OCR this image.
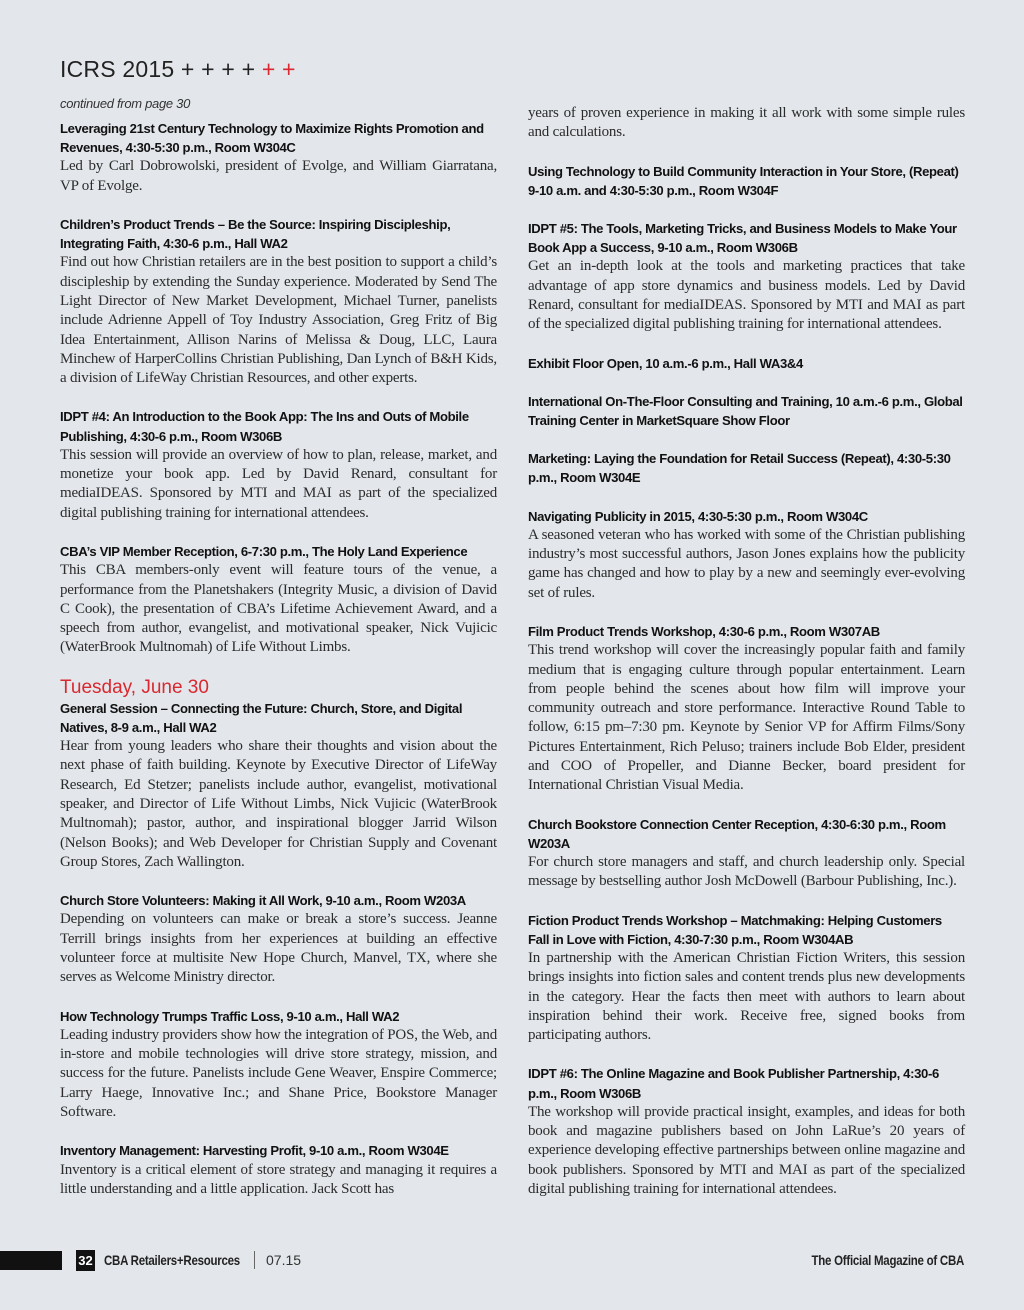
ICRS 2015 + + + + + +
continued from page 30
Leveraging 21st Century Technology to Maximize Rights Promotion and Revenues, 4:30-5:30 p.m., Room W304C
Led by Carl Dobrowolski, president of Evolge, and William Giarratana, VP of Evolge.
Children’s Product Trends – Be the Source: Inspiring Discipleship, Integrating Faith, 4:30-6 p.m., Hall WA2
Find out how Christian retailers are in the best position to support a child’s discipleship by extending the Sunday experience. Moderated by Send The Light Director of New Market Development, Michael Turner, panelists include Adrienne Appell of Toy Industry Association, Greg Fritz of Big Idea Entertainment, Allison Narins of Melissa & Doug, LLC, Laura Minchew of HarperCollins Christian Publishing, Dan Lynch of B&H Kids, a division of LifeWay Christian Resources, and other experts.
IDPT #4: An Introduction to the Book App: The Ins and Outs of Mobile Publishing, 4:30-6 p.m., Room W306B
This session will provide an overview of how to plan, release, market, and monetize your book app. Led by David Renard, consultant for mediaIDEAS. Sponsored by MTI and MAI as part of the specialized digital publishing training for international attendees.
CBA’s VIP Member Reception, 6-7:30 p.m., The Holy Land Experience
This CBA members-only event will feature tours of the venue, a performance from the Planetshakers (Integrity Music, a division of David C Cook), the presentation of CBA’s Lifetime Achievement Award, and a speech from author, evangelist, and motivational speaker, Nick Vujicic (WaterBrook Multnomah) of Life Without Limbs.
Tuesday, June 30
General Session – Connecting the Future: Church, Store, and Digital Natives, 8-9 a.m., Hall WA2
Hear from young leaders who share their thoughts and vision about the next phase of faith building. Keynote by Executive Director of LifeWay Research, Ed Stetzer; panelists include author, evangelist, motivational speaker, and Director of Life Without Limbs, Nick Vujicic (WaterBrook Multnomah); pastor, author, and inspirational blogger Jarrid Wilson (Nelson Books); and Web Developer for Christian Supply and Covenant Group Stores, Zach Wallington.
Church Store Volunteers: Making it All Work, 9-10 a.m., Room W203A
Depending on volunteers can make or break a store’s success. Jeanne Terrill brings insights from her experiences at building an effective volunteer force at multisite New Hope Church, Manvel, TX, where she serves as Welcome Ministry director.
How Technology Trumps Traffic Loss, 9-10 a.m., Hall WA2
Leading industry providers show how the integration of POS, the Web, and in-store and mobile technologies will drive store strategy, mission, and success for the future. Panelists include Gene Weaver, Enspire Commerce; Larry Haege, Innovative Inc.; and Shane Price, Bookstore Manager Software.
Inventory Management: Harvesting Profit, 9-10 a.m., Room W304E
Inventory is a critical element of store strategy and managing it requires a little understanding and a little application. Jack Scott has
years of proven experience in making it all work with some simple rules and calculations.
Using Technology to Build Community Interaction in Your Store, (Repeat) 9-10 a.m. and 4:30-5:30 p.m., Room W304F
IDPT #5: The Tools, Marketing Tricks, and Business Models to Make Your Book App a Success, 9-10 a.m., Room W306B
Get an in-depth look at the tools and marketing practices that take advantage of app store dynamics and business models. Led by David Renard, consultant for mediaIDEAS. Sponsored by MTI and MAI as part of the specialized digital publishing training for international attendees.
Exhibit Floor Open, 10 a.m.-6 p.m., Hall WA3&4
International On-The-Floor Consulting and Training, 10 a.m.-6 p.m., Global Training Center in MarketSquare Show Floor
Marketing: Laying the Foundation for Retail Success (Repeat), 4:30-5:30 p.m., Room W304E
Navigating Publicity in 2015, 4:30-5:30 p.m., Room W304C
A seasoned veteran who has worked with some of the Christian publishing industry’s most successful authors, Jason Jones explains how the publicity game has changed and how to play by a new and seemingly ever-evolving set of rules.
Film Product Trends Workshop, 4:30-6 p.m., Room W307AB
This trend workshop will cover the increasingly popular faith and family medium that is engaging culture through popular entertainment. Learn from people behind the scenes about how film will improve your community outreach and store performance. Interactive Round Table to follow, 6:15 pm–7:30 pm. Keynote by Senior VP for Affirm Films/Sony Pictures Entertainment, Rich Peluso; trainers include Bob Elder, president and COO of Propeller, and Dianne Becker, board president for International Christian Visual Media.
Church Bookstore Connection Center Reception, 4:30-6:30 p.m., Room W203A
For church store managers and staff, and church leadership only. Special message by bestselling author Josh McDowell (Barbour Publishing, Inc.).
Fiction Product Trends Workshop – Matchmaking: Helping Customers Fall in Love with Fiction, 4:30-7:30 p.m., Room W304AB
In partnership with the American Christian Fiction Writers, this session brings insights into fiction sales and content trends plus new developments in the category. Hear the facts then meet with authors to learn about inspiration behind their work. Receive free, signed books from participating authors.
IDPT #6: The Online Magazine and Book Publisher Partnership, 4:30-6 p.m., Room W306B
The workshop will provide practical insight, examples, and ideas for both book and magazine publishers based on John LaRue’s 20 years of experience developing effective partnerships between online magazine and book publishers. Sponsored by MTI and MAI as part of the specialized digital publishing training for international attendees.
32 CBA Retailers+Resources 07.15	The Official Magazine of CBA
